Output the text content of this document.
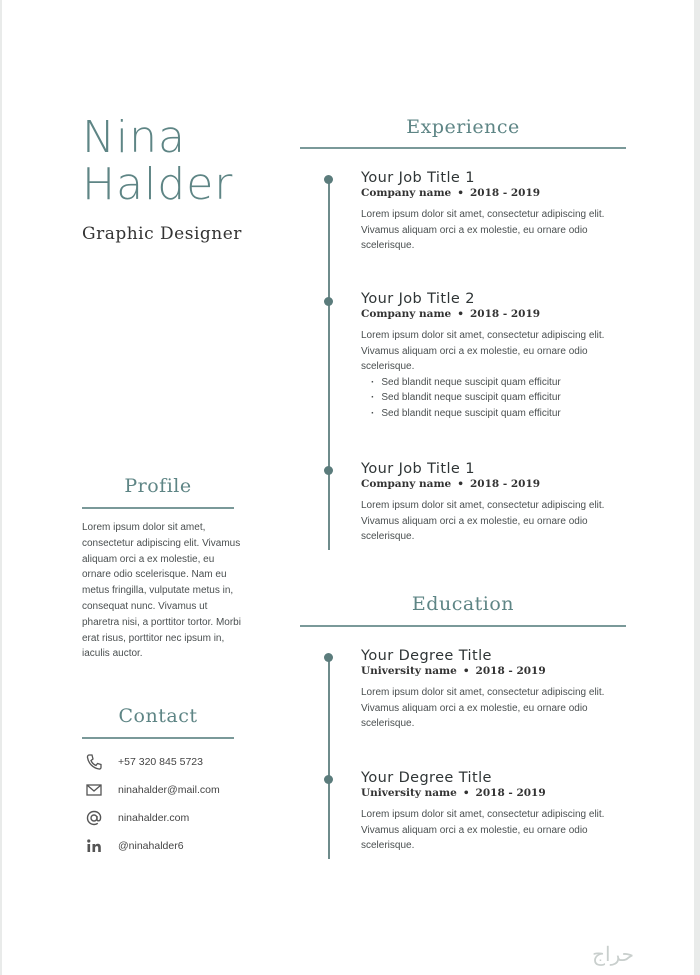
Nina
Halder
Graphic Designer
Profile
Lorem ipsum dolor sit amet, consectetur adipiscing elit. Vivamus aliquam orci a ex molestie, eu ornare odio scelerisque. Nam eu metus fringilla, vulputate metus in, consequat nunc. Vivamus ut pharetra nisi, a porttitor tortor. Morbi erat risus, porttitor nec ipsum in, iaculis auctor.
Contact
+57 320 845 5723
ninahalder@mail.com
ninahalder.com
@ninahalder6
Experience
Your Job Title 1
Company name • 2018 - 2019
Lorem ipsum dolor sit amet, consectetur adipiscing elit. Vivamus aliquam orci a ex molestie, eu ornare odio scelerisque.
Your Job Title 2
Company name • 2018 - 2019
Lorem ipsum dolor sit amet, consectetur adipiscing elit. Vivamus aliquam orci a ex molestie, eu ornare odio scelerisque.
· Sed blandit neque suscipit quam efficitur
· Sed blandit neque suscipit quam efficitur
· Sed blandit neque suscipit quam efficitur
Your Job Title 1
Company name • 2018 - 2019
Lorem ipsum dolor sit amet, consectetur adipiscing elit. Vivamus aliquam orci a ex molestie, eu ornare odio scelerisque.
Education
Your Degree Title
University name • 2018 - 2019
Lorem ipsum dolor sit amet, consectetur adipiscing elit. Vivamus aliquam orci a ex molestie, eu ornare odio scelerisque.
Your Degree Title
University name • 2018 - 2019
Lorem ipsum dolor sit amet, consectetur adipiscing elit. Vivamus aliquam orci a ex molestie, eu ornare odio scelerisque.
حراج
